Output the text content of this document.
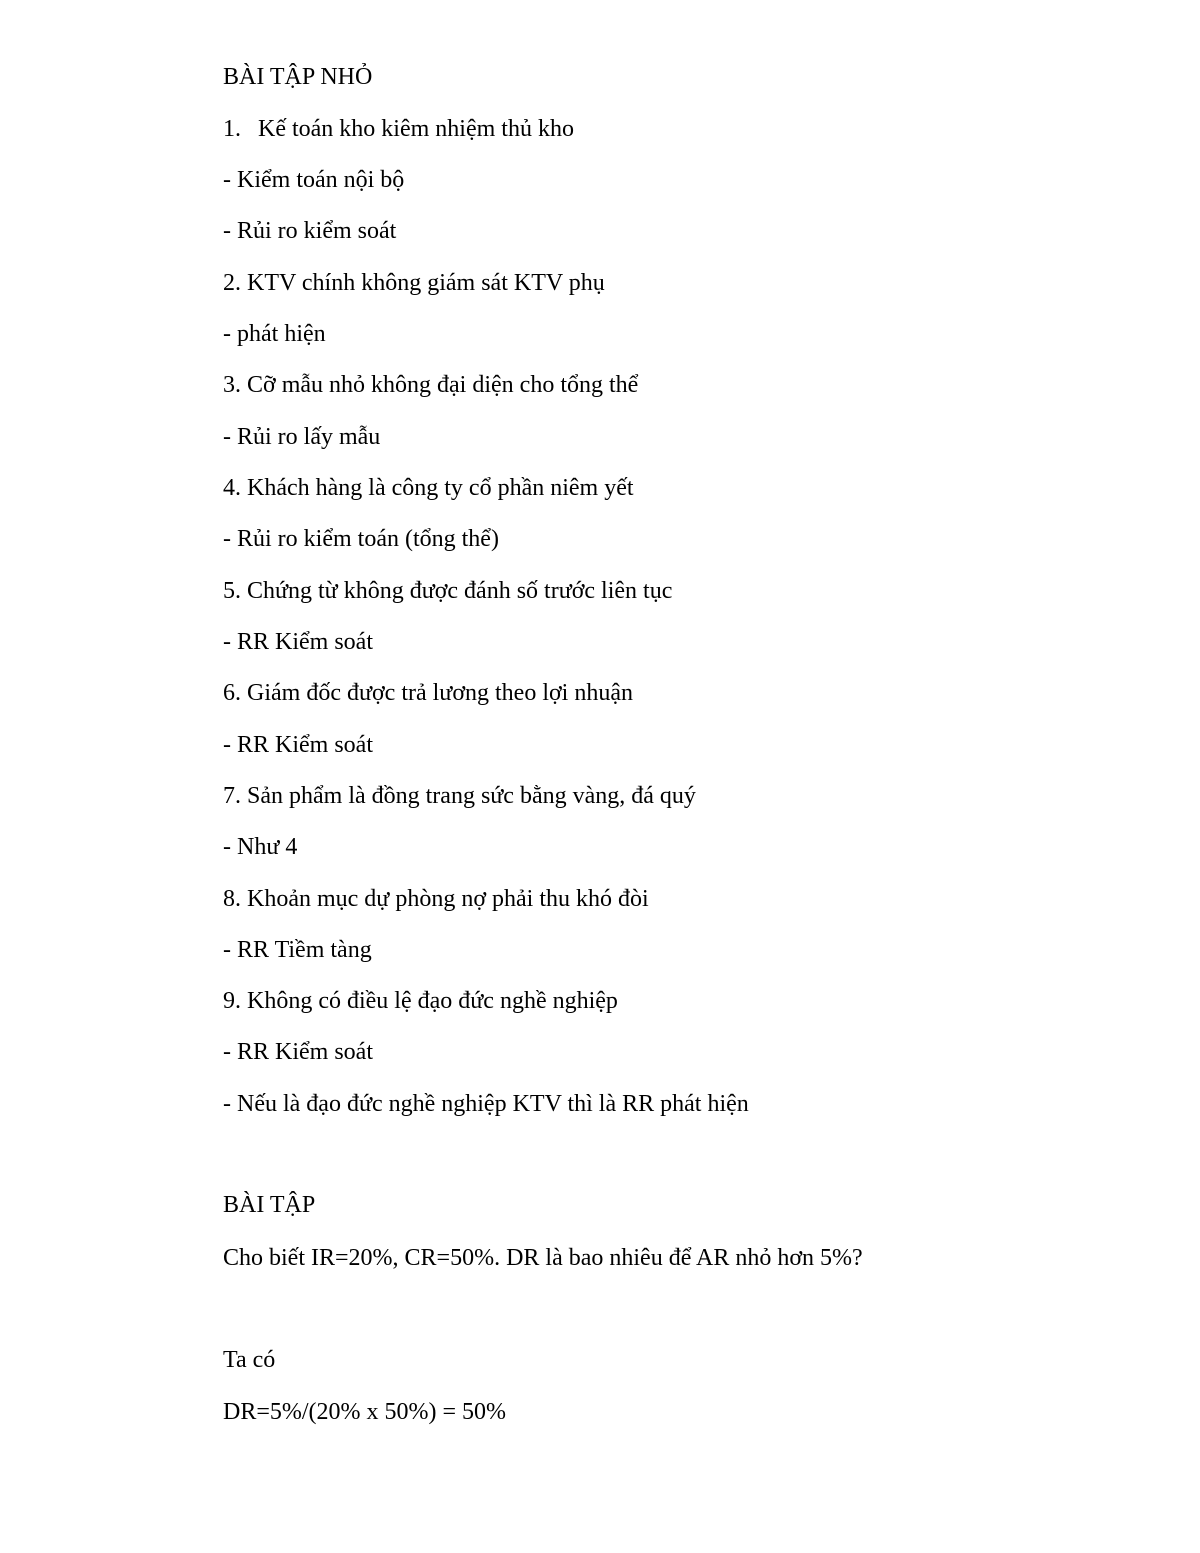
BÀI TẬP NHỎ

1. Kế toán kho kiêm nhiệm thủ kho

- Kiểm toán nội bộ

- Rủi ro kiểm soát

2. KTV chính không giám sát KTV phụ

- phát hiện

3. Cỡ mẫu nhỏ không đại diện cho tổng thể

- Rủi ro lấy mẫu

4. Khách hàng là công ty cổ phần niêm yết

- Rủi ro kiểm toán (tổng thể)

5. Chứng từ không được đánh số trước liên tục

- RR Kiểm soát

6. Giám đốc được trả lương theo lợi nhuận

- RR Kiểm soát

7. Sản phẩm là đồng trang sức bằng vàng, đá quý

- Như 4

8. Khoản mục dự phòng nợ phải thu khó đòi

- RR Tiềm tàng

9. Không có điều lệ đạo đức nghề nghiệp

- RR Kiểm soát

- Nếu là đạo đức nghề nghiệp KTV thì là RR phát hiện

BÀI TẬP

Cho biết IR=20%, CR=50%. DR là bao nhiêu để AR nhỏ hơn 5%?

Ta có

DR=5%/(20% x 50%) = 50%
